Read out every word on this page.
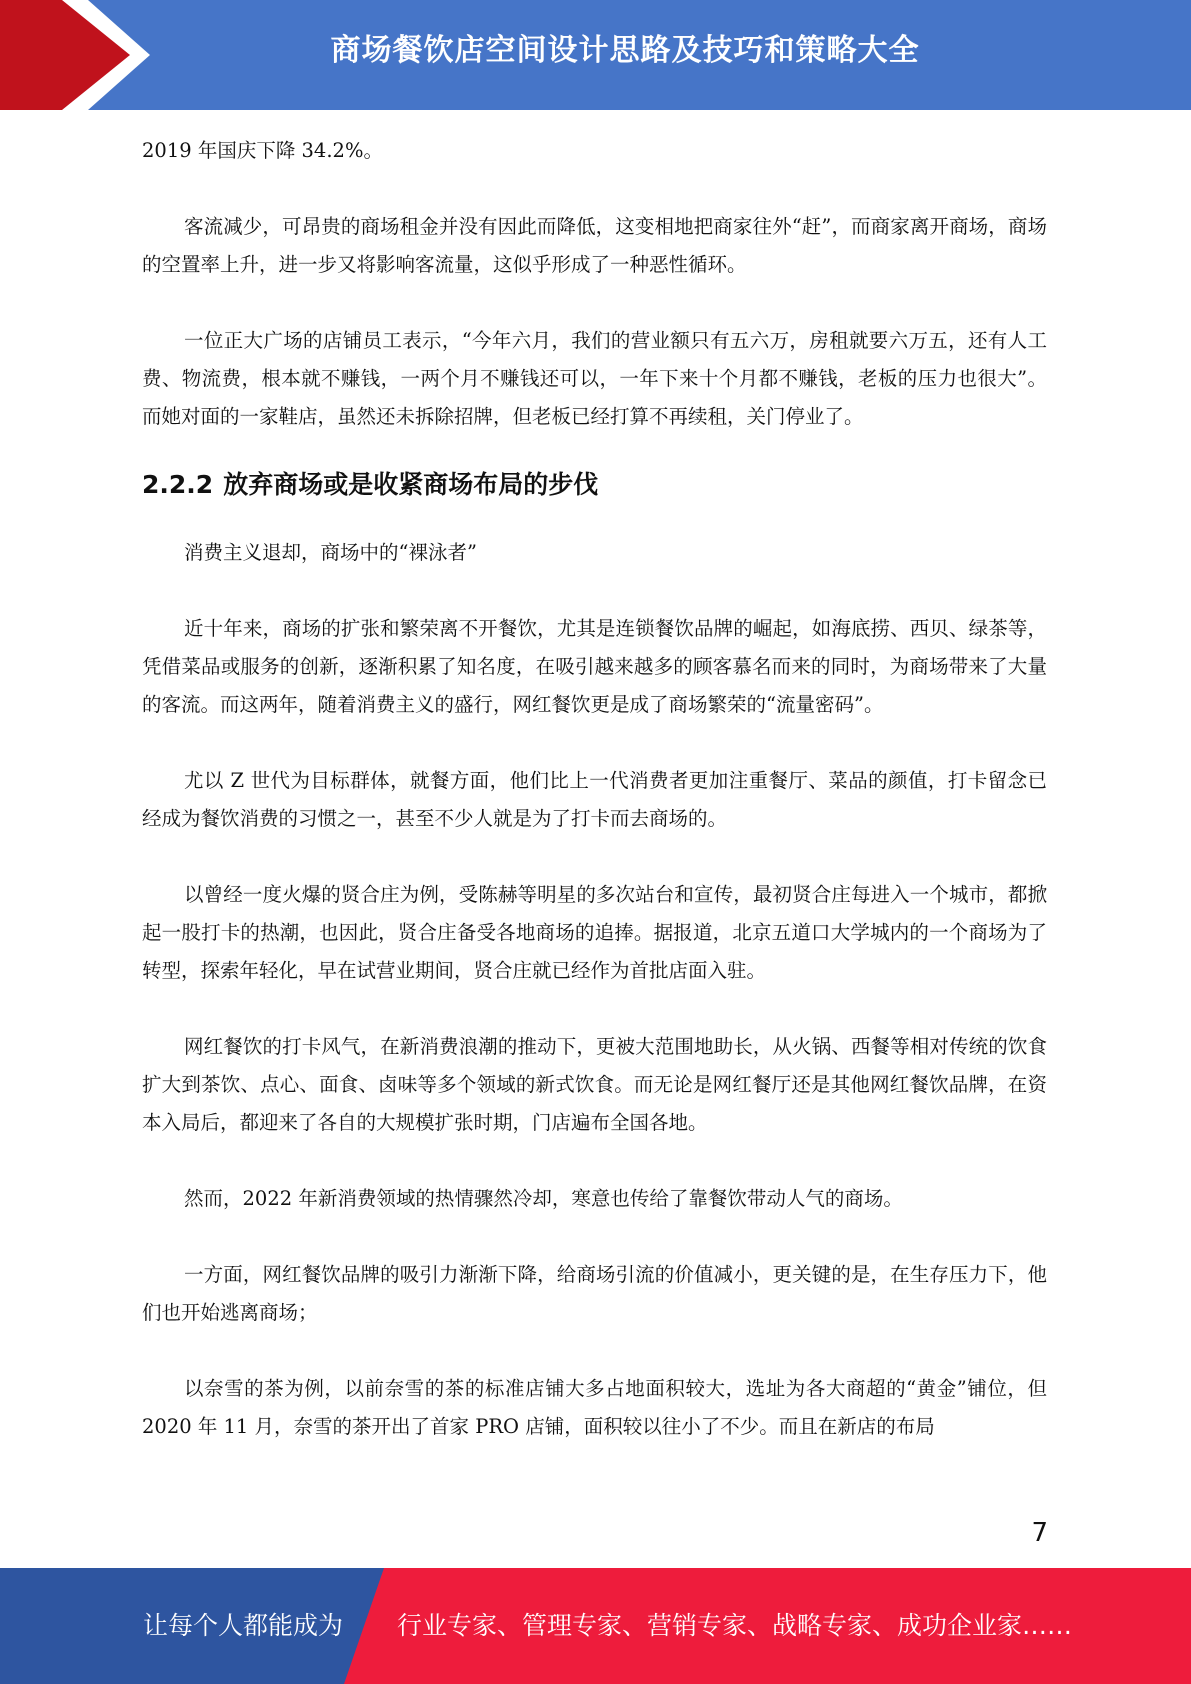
商场餐饮店空间设计思路及技巧和策略大全

2019 年国庆下降 34.2%。

客流减少，可昂贵的商场租金并没有因此而降低，这变相地把商家往外“赶”，而商家离开商场，商场的空置率上升，进一步又将影响客流量，这似乎形成了一种恶性循环。

一位正大广场的店铺员工表示，“今年六月，我们的营业额只有五六万，房租就要六万五，还有人工费、物流费，根本就不赚钱，一两个月不赚钱还可以，一年下来十个月都不赚钱，老板的压力也很大”。而她对面的一家鞋店，虽然还未拆除招牌，但老板已经打算不再续租，关门停业了。

2.2.2 放弃商场或是收紧商场布局的步伐

消费主义退却，商场中的“裸泳者”

近十年来，商场的扩张和繁荣离不开餐饮，尤其是连锁餐饮品牌的崛起，如海底捞、西贝、绿茶等，凭借菜品或服务的创新，逐渐积累了知名度，在吸引越来越多的顾客慕名而来的同时，为商场带来了大量的客流。而这两年，随着消费主义的盛行，网红餐饮更是成了商场繁荣的“流量密码”。

尤以 Z 世代为目标群体，就餐方面，他们比上一代消费者更加注重餐厅、菜品的颜值，打卡留念已经成为餐饮消费的习惯之一，甚至不少人就是为了打卡而去商场的。

以曾经一度火爆的贤合庄为例，受陈赫等明星的多次站台和宣传，最初贤合庄每进入一个城市，都掀起一股打卡的热潮，也因此，贤合庄备受各地商场的追捧。据报道，北京五道口大学城内的一个商场为了转型，探索年轻化，早在试营业期间，贤合庄就已经作为首批店面入驻。

网红餐饮的打卡风气，在新消费浪潮的推动下，更被大范围地助长，从火锅、西餐等相对传统的饮食扩大到茶饮、点心、面食、卤味等多个领域的新式饮食。而无论是网红餐厅还是其他网红餐饮品牌，在资本入局后，都迎来了各自的大规模扩张时期，门店遍布全国各地。

然而，2022 年新消费领域的热情骤然冷却，寒意也传给了靠餐饮带动人气的商场。

一方面，网红餐饮品牌的吸引力渐渐下降，给商场引流的价值减小，更关键的是，在生存压力下，他们也开始逃离商场；

以奈雪的茶为例，以前奈雪的茶的标准店铺大多占地面积较大，选址为各大商超的“黄金”铺位，但 2020 年 11 月，奈雪的茶开出了首家 PRO 店铺，面积较以往小了不少。而且在新店的布局

7
让每个人都能成为 行业专家、管理专家、营销专家、战略专家、成功企业家……
